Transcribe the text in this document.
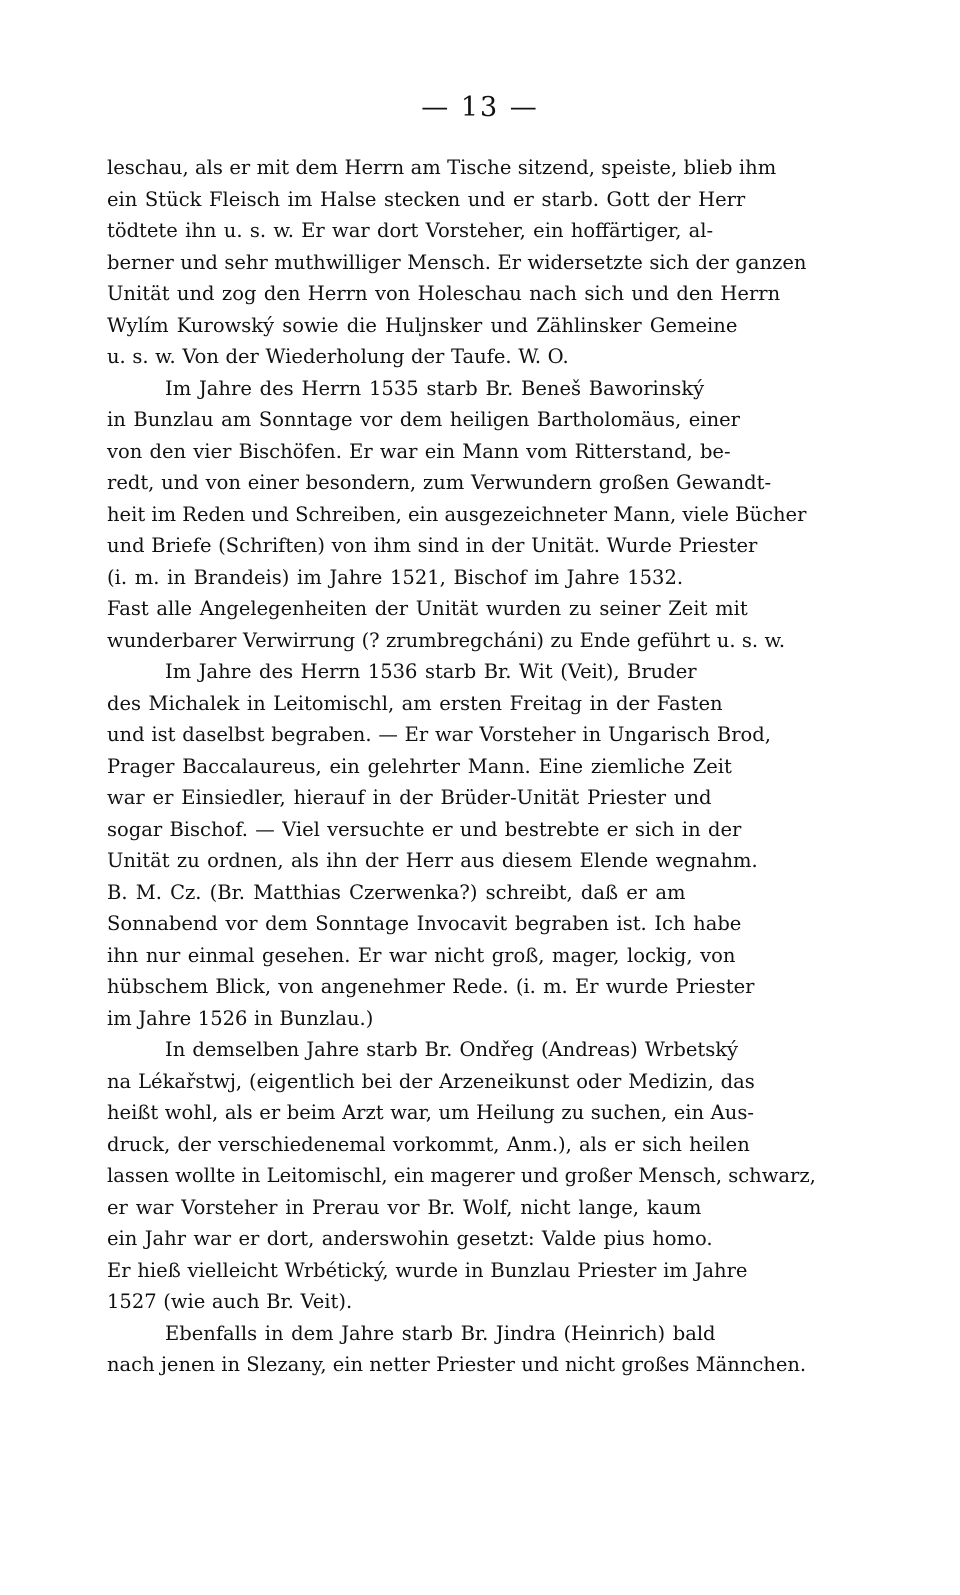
— 13 —
leschau, als er mit dem Herrn am Tische sitzend, speiste, blieb ihm
ein Stück Fleisch im Halse stecken und er starb. Gott der Herr
tödtete ihn u. s. w. Er war dort Vorsteher, ein hoffärtiger, al-
berner und sehr muthwilliger Mensch. Er widersetzte sich der ganzen
Unität und zog den Herrn von Holeschau nach sich und den Herrn
Wylím Kurowský sowie die Huljnsker und Zählinsker Gemeine
u. s. w. Von der Wiederholung der Taufe. W. O.
Im Jahre des Herrn 1535 starb Br. Beneš Baworinský
in Bunzlau am Sonntage vor dem heiligen Bartholomäus, einer
von den vier Bischöfen. Er war ein Mann vom Ritterstand, be-
redt, und von einer besondern, zum Verwundern großen Gewandt-
heit im Reden und Schreiben, ein ausgezeichneter Mann, viele Bücher
und Briefe (Schriften) von ihm sind in der Unität. Wurde Priester
(i. m. in Brandeis) im Jahre 1521, Bischof im Jahre 1532.
Fast alle Angelegenheiten der Unität wurden zu seiner Zeit mit
wunderbarer Verwirrung (? zrumbregcháni) zu Ende geführt u. s. w.
Im Jahre des Herrn 1536 starb Br. Wit (Veit), Bruder
des Michalek in Leitomischl, am ersten Freitag in der Fasten
und ist daselbst begraben. — Er war Vorsteher in Ungarisch Brod,
Prager Baccalaureus, ein gelehrter Mann. Eine ziemliche Zeit
war er Einsiedler, hierauf in der Brüder-Unität Priester und
sogar Bischof. — Viel versuchte er und bestrebte er sich in der
Unität zu ordnen, als ihn der Herr aus diesem Elende wegnahm.
B. M. Cz. (Br. Matthias Czerwenka?) schreibt, daß er am
Sonnabend vor dem Sonntage Invocavit begraben ist. Ich habe
ihn nur einmal gesehen. Er war nicht groß, mager, lockig, von
hübschem Blick, von angenehmer Rede. (i. m. Er wurde Priester
im Jahre 1526 in Bunzlau.)
In demselben Jahre starb Br. Ondřeg (Andreas) Wrbetský
na Lékařstwj, (eigentlich bei der Arzeneikunst oder Medizin, das
heißt wohl, als er beim Arzt war, um Heilung zu suchen, ein Aus-
druck, der verschiedenemal vorkommt, Anm.), als er sich heilen
lassen wollte in Leitomischl, ein magerer und großer Mensch, schwarz,
er war Vorsteher in Prerau vor Br. Wolf, nicht lange, kaum
ein Jahr war er dort, anderswohin gesetzt: Valde pius homo.
Er hieß vielleicht Wrbétický, wurde in Bunzlau Priester im Jahre
1527 (wie auch Br. Veit).
Ebenfalls in dem Jahre starb Br. Jindra (Heinrich) bald
nach jenen in Slezany, ein netter Priester und nicht großes Männchen.
